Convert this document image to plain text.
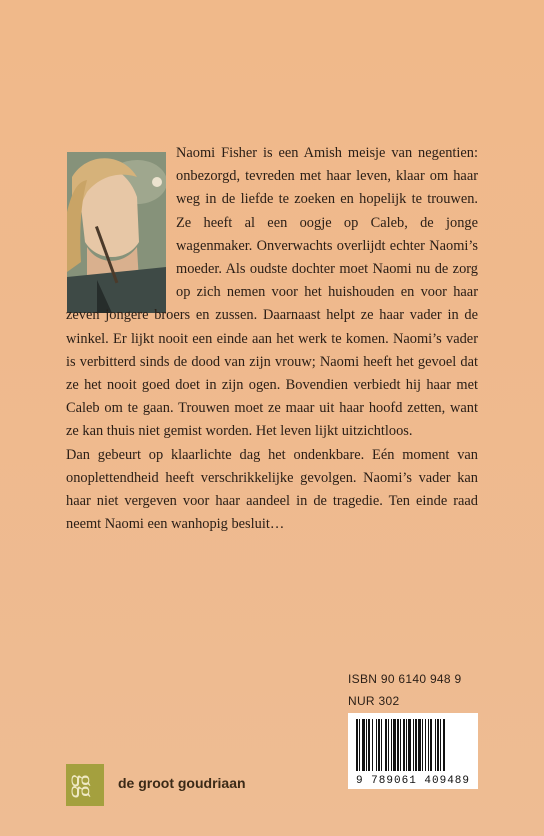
Naomi Fisher is een Amish meisje van negentien: onbezorgd, tevreden met haar leven, klaar om haar weg in de liefde te zoeken en hopelijk te trouwen. Ze heeft al een oogje op Caleb, de jonge wagenmaker. Onverwachts overlijdt echter Naomi’s moeder. Als oudste dochter moet Naomi nu de zorg op zich nemen voor het huishouden en voor haar zeven jongere broers en zussen. Daarnaast helpt ze haar vader in de winkel. Er lijkt nooit een einde aan het werk te komen. Naomi’s vader is verbitterd sinds de dood van zijn vrouw; Naomi heeft het gevoel dat ze het nooit goed doet in zijn ogen. Bovendien verbiedt hij haar met Caleb om te gaan. Trouwen moet ze maar uit haar hoofd zetten, want ze kan thuis niet gemist worden. Het leven lijkt uitzichtloos.

Dan gebeurt op klaarlichte dag het ondenkbare. Eén moment van onoplettendheid heeft verschrikkelijke gevolgen. Naomi’s vader kan haar niet vergeven voor haar aandeel in de tragedie. Ten einde raad neemt Naomi een wanhopig besluit…

ISBN 90 6140 948 9
NUR 302
9 789061 409489
gg de groot goudriaan
